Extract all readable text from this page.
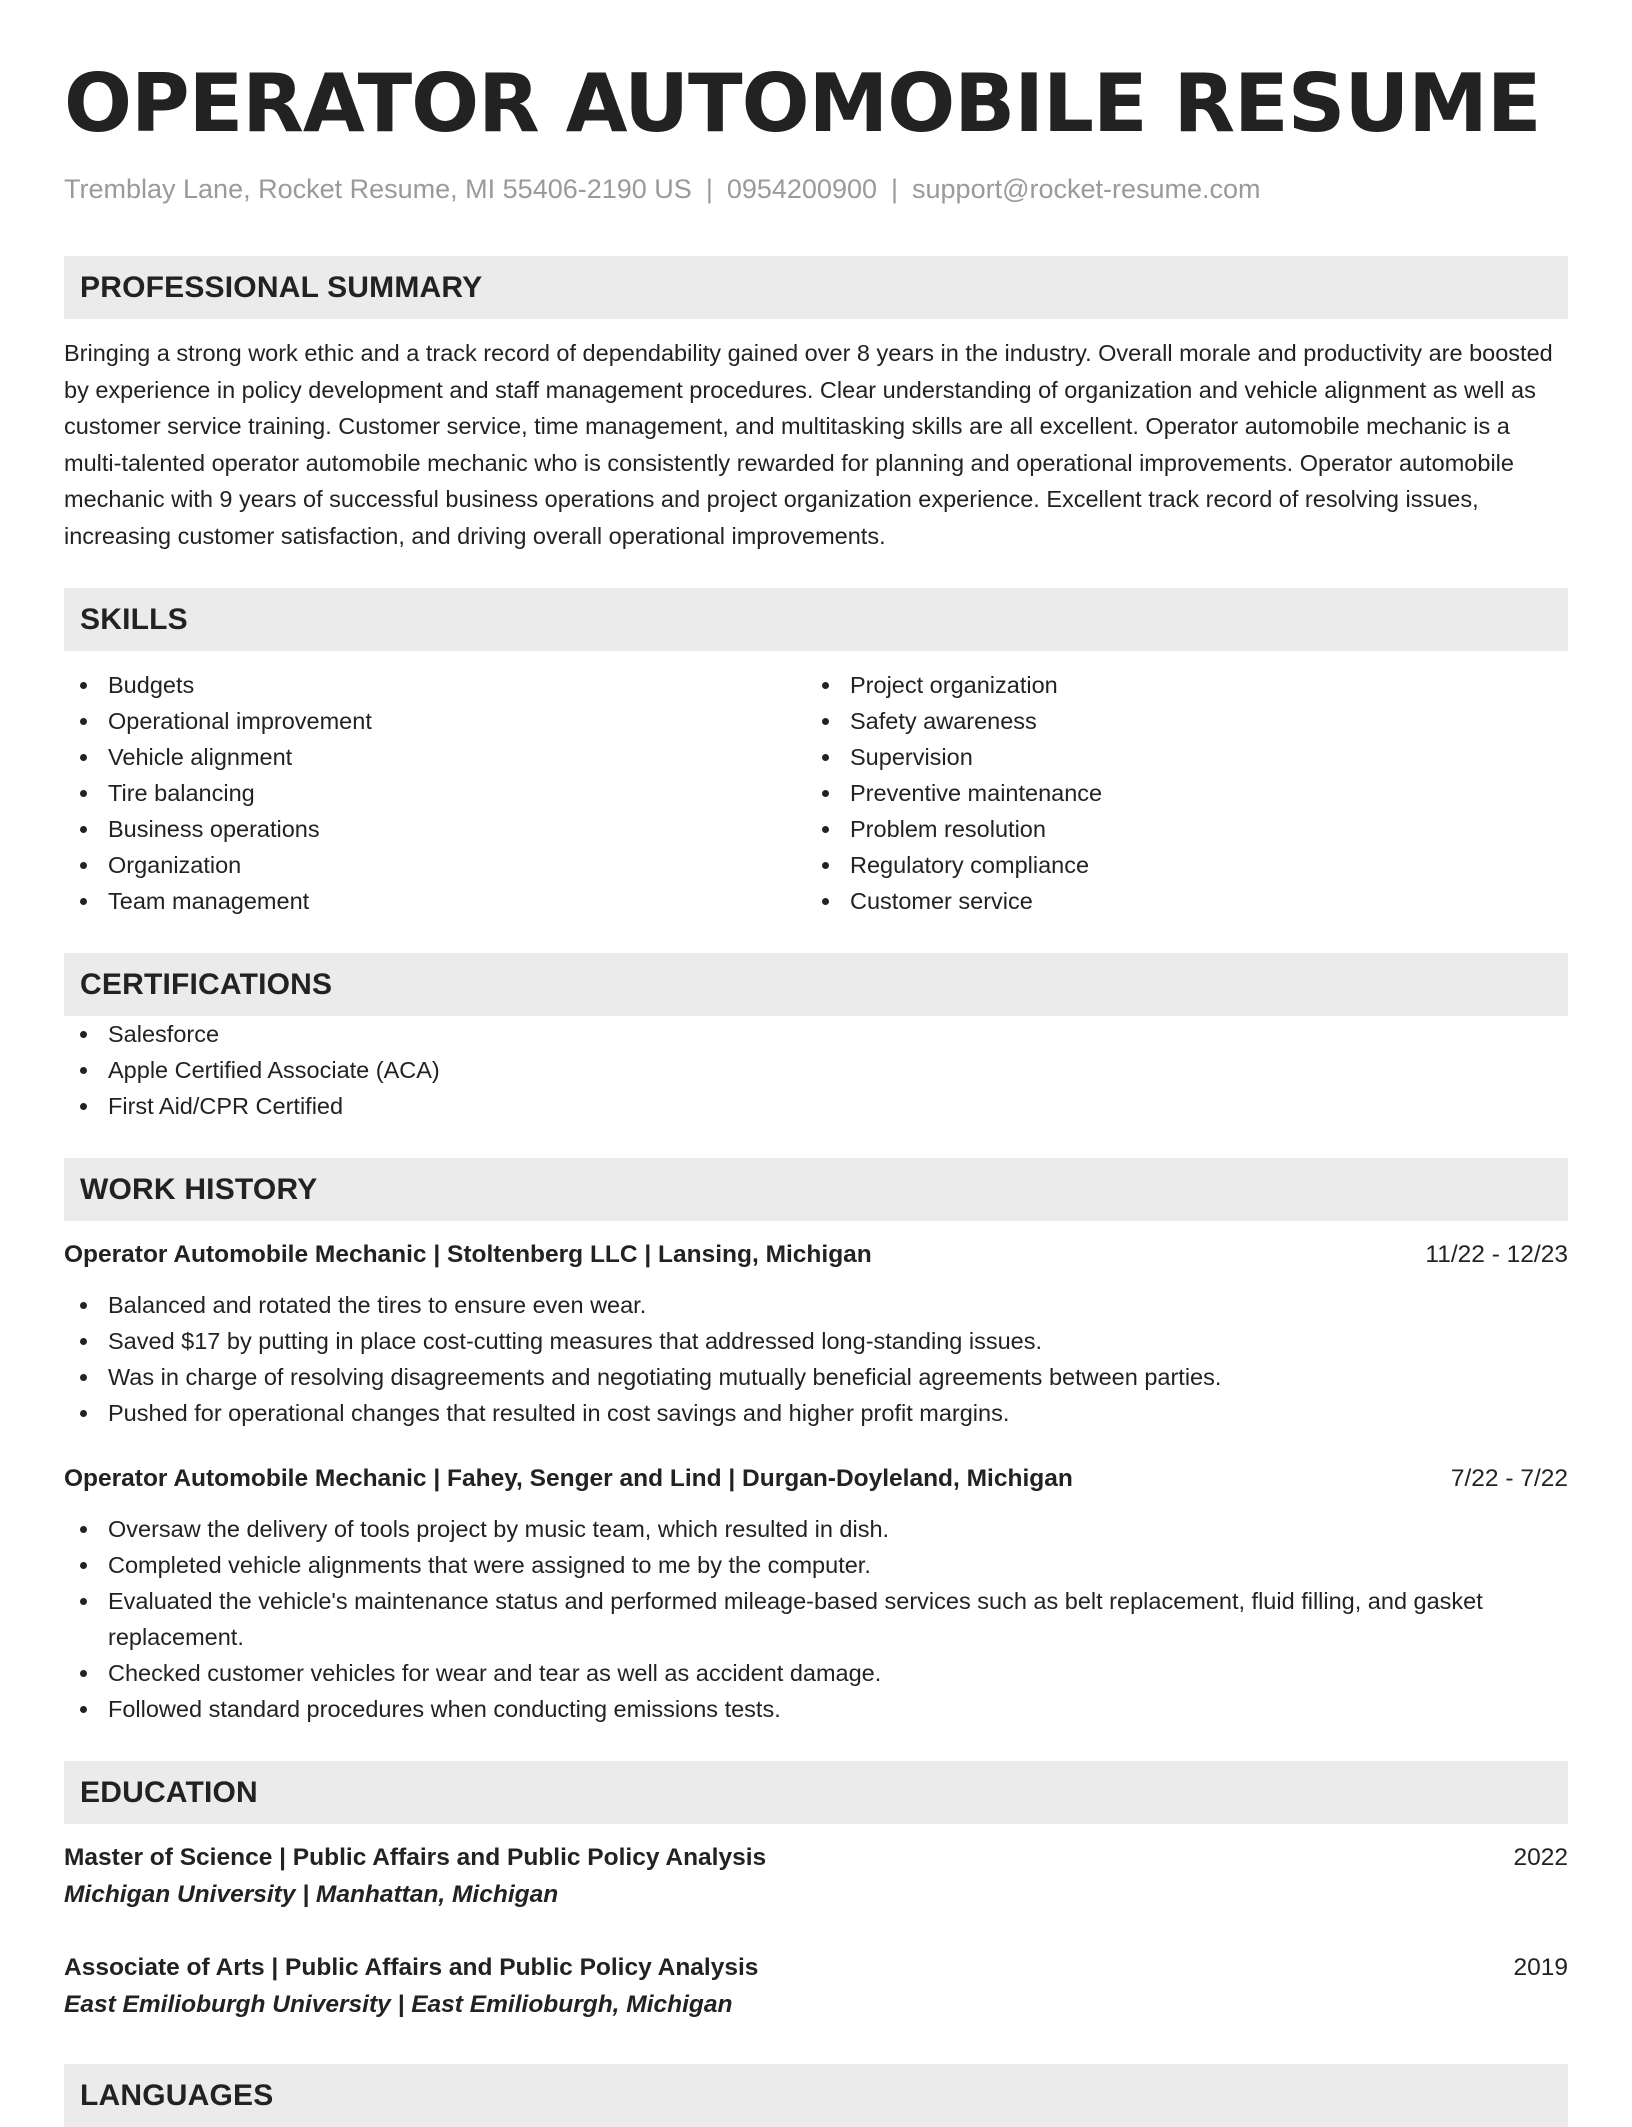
OPERATOR AUTOMOBILE RESUME
Tremblay Lane, Rocket Resume, MI 55406-2190 US | 0954200900 | support@rocket-resume.com
PROFESSIONAL SUMMARY
Bringing a strong work ethic and a track record of dependability gained over 8 years in the industry. Overall morale and productivity are boosted by experience in policy development and staff management procedures. Clear understanding of organization and vehicle alignment as well as customer service training. Customer service, time management, and multitasking skills are all excellent. Operator automobile mechanic is a multi-talented operator automobile mechanic who is consistently rewarded for planning and operational improvements. Operator automobile mechanic with 9 years of successful business operations and project organization experience. Excellent track record of resolving issues, increasing customer satisfaction, and driving overall operational improvements.
SKILLS
Budgets
Operational improvement
Vehicle alignment
Tire balancing
Business operations
Organization
Team management
Project organization
Safety awareness
Supervision
Preventive maintenance
Problem resolution
Regulatory compliance
Customer service
CERTIFICATIONS
Salesforce
Apple Certified Associate (ACA)
First Aid/CPR Certified
WORK HISTORY
Operator Automobile Mechanic | Stoltenberg LLC | Lansing, Michigan	11/22 - 12/23
Balanced and rotated the tires to ensure even wear.
Saved $17 by putting in place cost-cutting measures that addressed long-standing issues.
Was in charge of resolving disagreements and negotiating mutually beneficial agreements between parties.
Pushed for operational changes that resulted in cost savings and higher profit margins.
Operator Automobile Mechanic | Fahey, Senger and Lind | Durgan-Doyleland, Michigan	7/22 - 7/22
Oversaw the delivery of tools project by music team, which resulted in dish.
Completed vehicle alignments that were assigned to me by the computer.
Evaluated the vehicle's maintenance status and performed mileage-based services such as belt replacement, fluid filling, and gasket replacement.
Checked customer vehicles for wear and tear as well as accident damage.
Followed standard procedures when conducting emissions tests.
EDUCATION
Master of Science | Public Affairs and Public Policy Analysis	2022
Michigan University | Manhattan, Michigan
Associate of Arts | Public Affairs and Public Policy Analysis	2019
East Emilioburgh University | East Emilioburgh, Michigan
LANGUAGES
